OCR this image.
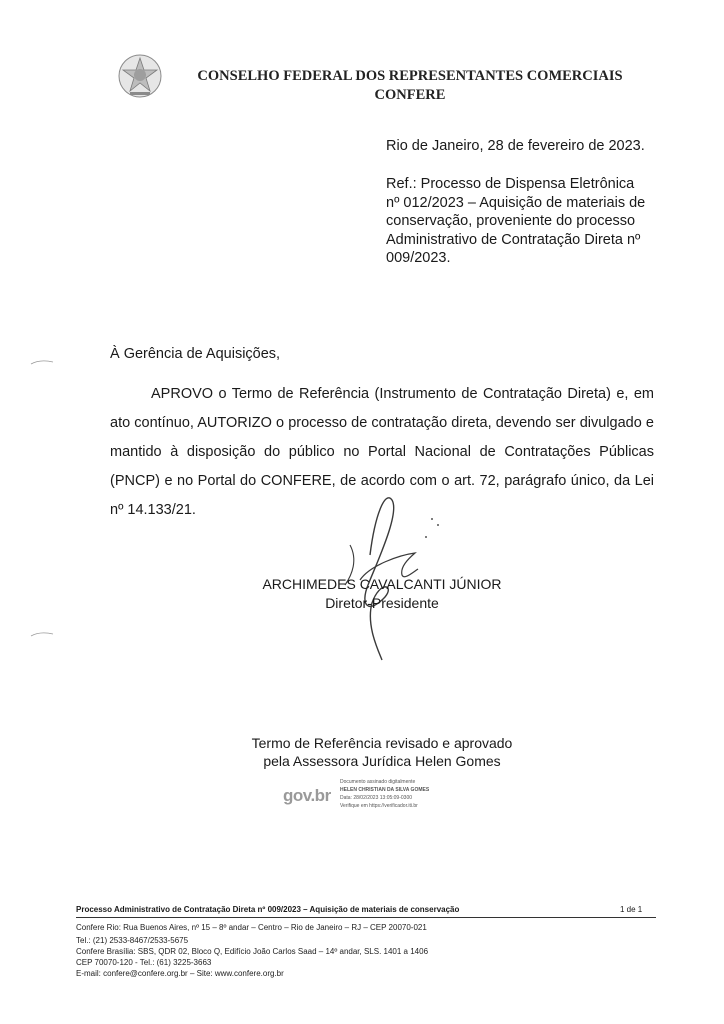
CONSELHO FEDERAL DOS REPRESENTANTES COMERCIAIS
CONFERE
Rio de Janeiro, 28 de fevereiro de 2023.
Ref.: Processo de Dispensa Eletrônica nº 012/2023 – Aquisição de materiais de conservação, proveniente do processo Administrativo de Contratação Direta nº 009/2023.
À Gerência de Aquisições,
APROVO o Termo de Referência (Instrumento de Contratação Direta) e, em ato contínuo, AUTORIZO o processo de contratação direta, devendo ser divulgado e mantido à disposição do público no Portal Nacional de Contratações Públicas (PNCP) e no Portal do CONFERE, de acordo com o art. 72, parágrafo único, da Lei nº 14.133/21.
ARCHIMEDES CAVALCANTI JÚNIOR
Diretor-Presidente
Termo de Referência revisado e aprovado
pela Assessora Jurídica Helen Gomes
gov.br
Documento assinado digitalmente
HELEN CHRISTIAN DA SILVA GOMES
Data: 28/02/2023 13:05:09-0300
Verifique em https://verificador.iti.br
Processo Administrativo de Contratação Direta nº 009/2023 – Aquisição de materiais de conservação	1 de 1
Confere Rio: Rua Buenos Aires, nº 15 – 8º andar – Centro – Rio de Janeiro – RJ – CEP 20070-021
Tel.: (21) 2533-8467/2533-5675
Confere Brasília: SBS, QDR 02, Bloco Q, Edifício João Carlos Saad – 14º andar, SLS. 1401 a 1406
CEP 70070-120 - Tel.: (61) 3225-3663
E-mail: confere@confere.org.br – Site: www.confere.org.br
